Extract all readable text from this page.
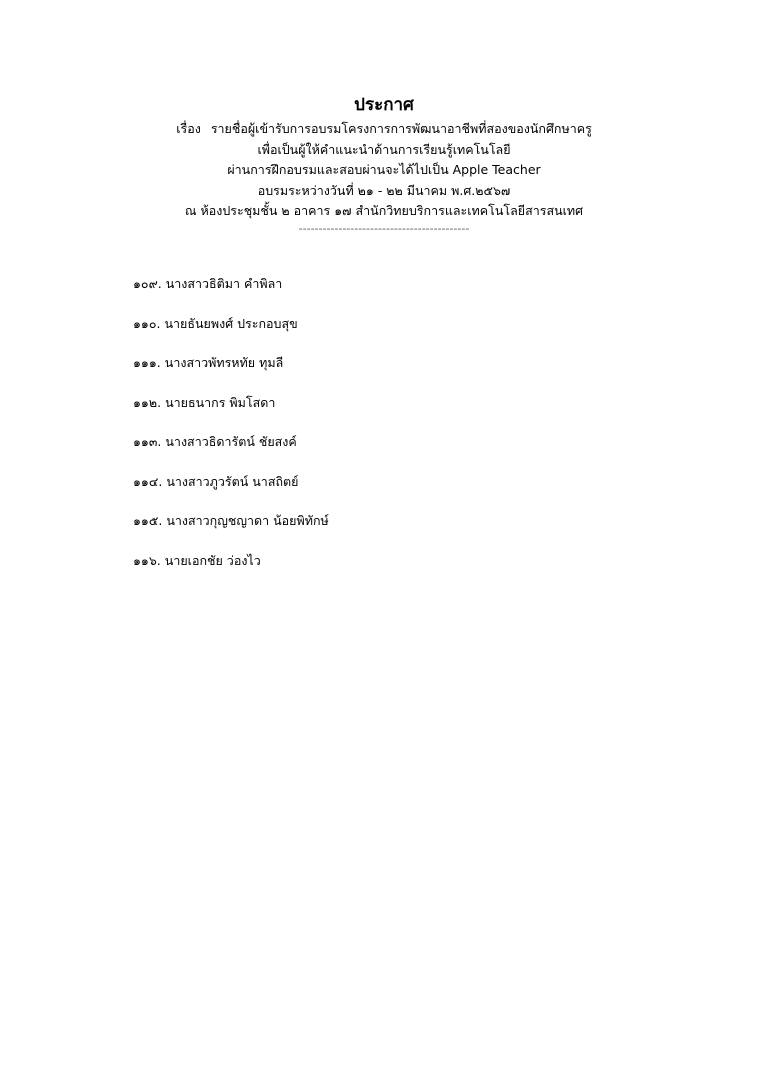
ประกาศ
เรื่อง รายชื่อผู้เข้ารับการอบรมโครงการการพัฒนาอาชีพที่สองของนักศึกษาครู
เพื่อเป็นผู้ให้คำแนะนำด้านการเรียนรู้เทคโนโลยี
ผ่านการฝึกอบรมและสอบผ่านจะได้ไปเป็น Apple Teacher
อบรมระหว่างวันที่ ๒๑ - ๒๒ มีนาคม พ.ศ.๒๕๖๗
ณ ห้องประชุมชั้น ๒ อาคาร ๑๗ สำนักวิทยบริการและเทคโนโลยีสารสนเทศ
-------------------------------------------
๑๐๙. นางสาวธิติมา คำพิลา
๑๑๐. นายธันยพงศ์ ประกอบสุข
๑๑๑. นางสาวพัทรหทัย ทุมลี
๑๑๒. นายธนากร พิมโสดา
๑๑๓. นางสาวธิดารัตน์ ชัยสงค์
๑๑๔. นางสาวภูวรัตน์ นาสถิตย์
๑๑๕. นางสาวกุญชญาดา น้อยพิทักษ์
๑๑๖. นายเอกชัย ว่องไว
